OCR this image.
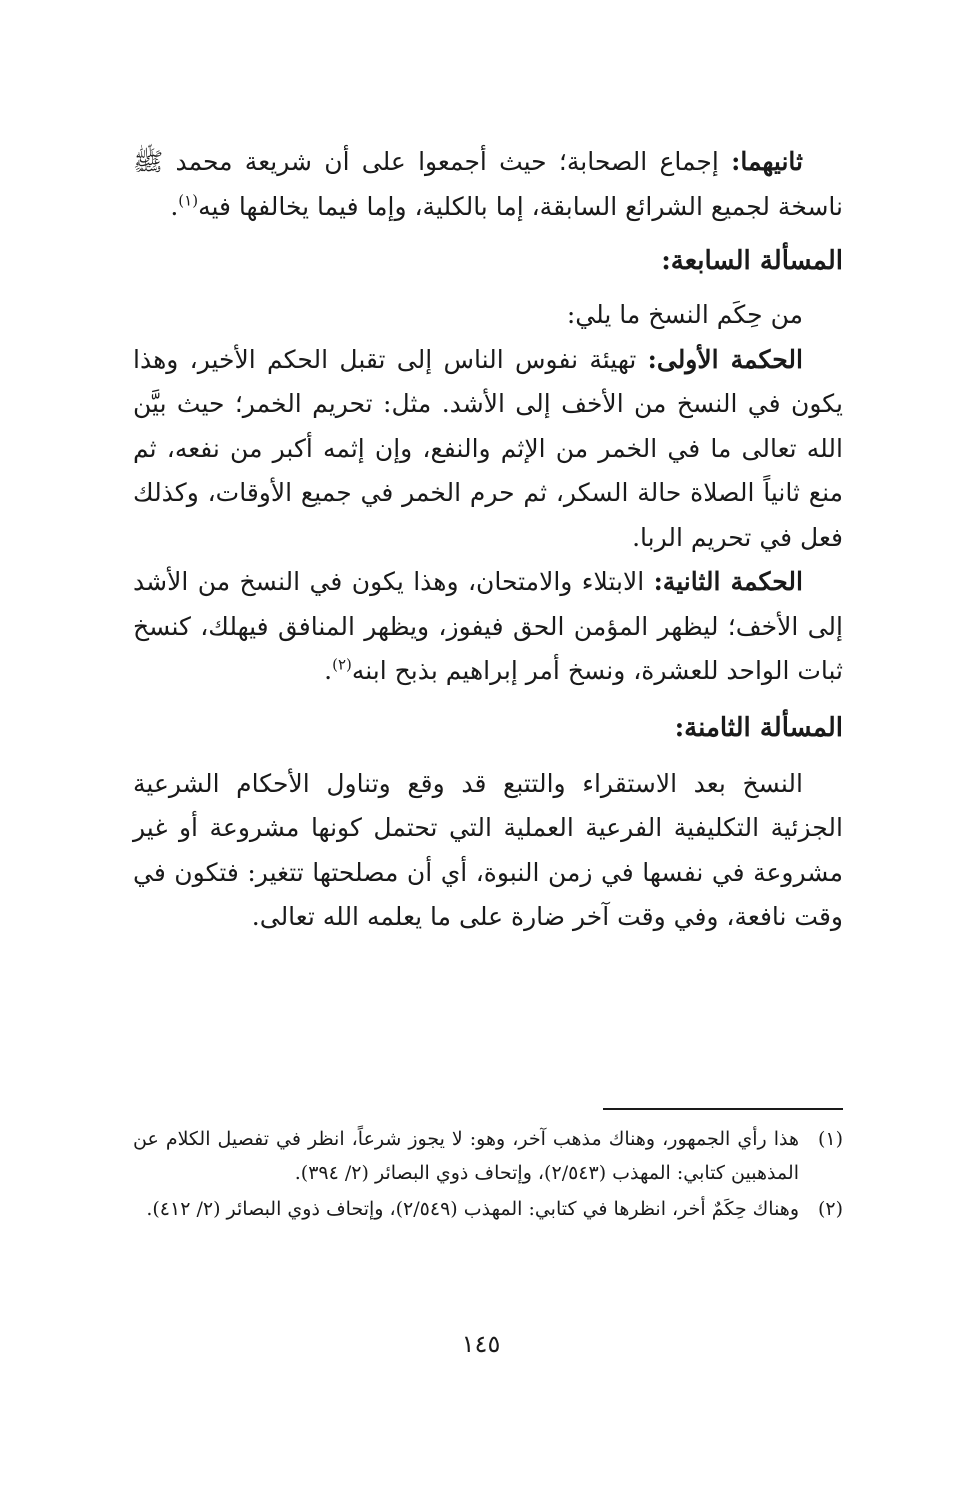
ثانيهما: إجماع الصحابة؛ حيث أجمعوا على أن شريعة محمد ﷺ ناسخة لجميع الشرائع السابقة، إما بالكلية، وإما فيما يخالفها فيه$^{(١)}$.

المسألة السابعة:

من حِكَم النسخ ما يلي:

الحكمة الأولى: تهيئة نفوس الناس إلى تقبل الحكم الأخير، وهذا يكون في النسخ من الأخف إلى الأشد. مثل: تحريم الخمر؛ حيث بيَّن الله تعالى ما في الخمر من الإثم والنفع، وإن إثمه أكبر من نفعه، ثم منع ثانياً الصلاة حالة السكر، ثم حرم الخمر في جميع الأوقات، وكذلك فعل في تحريم الربا.

الحكمة الثانية: الابتلاء والامتحان، وهذا يكون في النسخ من الأشد إلى الأخف؛ ليظهر المؤمن الحق فيفوز، ويظهر المنافق فيهلك، كنسخ ثبات الواحد للعشرة، ونسخ أمر إبراهيم بذبح ابنه$^{(٢)}$.

المسألة الثامنة:

النسخ بعد الاستقراء والتتبع قد وقع وتناول الأحكام الشرعية الجزئية التكليفية الفرعية العملية التي تحتمل كونها مشروعة أو غير مشروعة في نفسها في زمن النبوة، أي أن مصلحتها تتغير: فتكون في وقت نافعة، وفي وقت آخر ضارة على ما يعلمه الله تعالى.

(١)
هذا رأي الجمهور، وهناك مذهب آخر، وهو: لا يجوز شرعاً، انظر في تفصيل الكلام عن المذهبين كتابي: المهذب (٢/٥٤٣)، وإتحاف ذوي البصائر (٢/ ٣٩٤).
(٢)
وهناك حِكَمٌ أخر، انظرها في كتابي: المهذب (٢/٥٤٩)، وإتحاف ذوي البصائر (٢/ ٤١٢).
١٤٥
